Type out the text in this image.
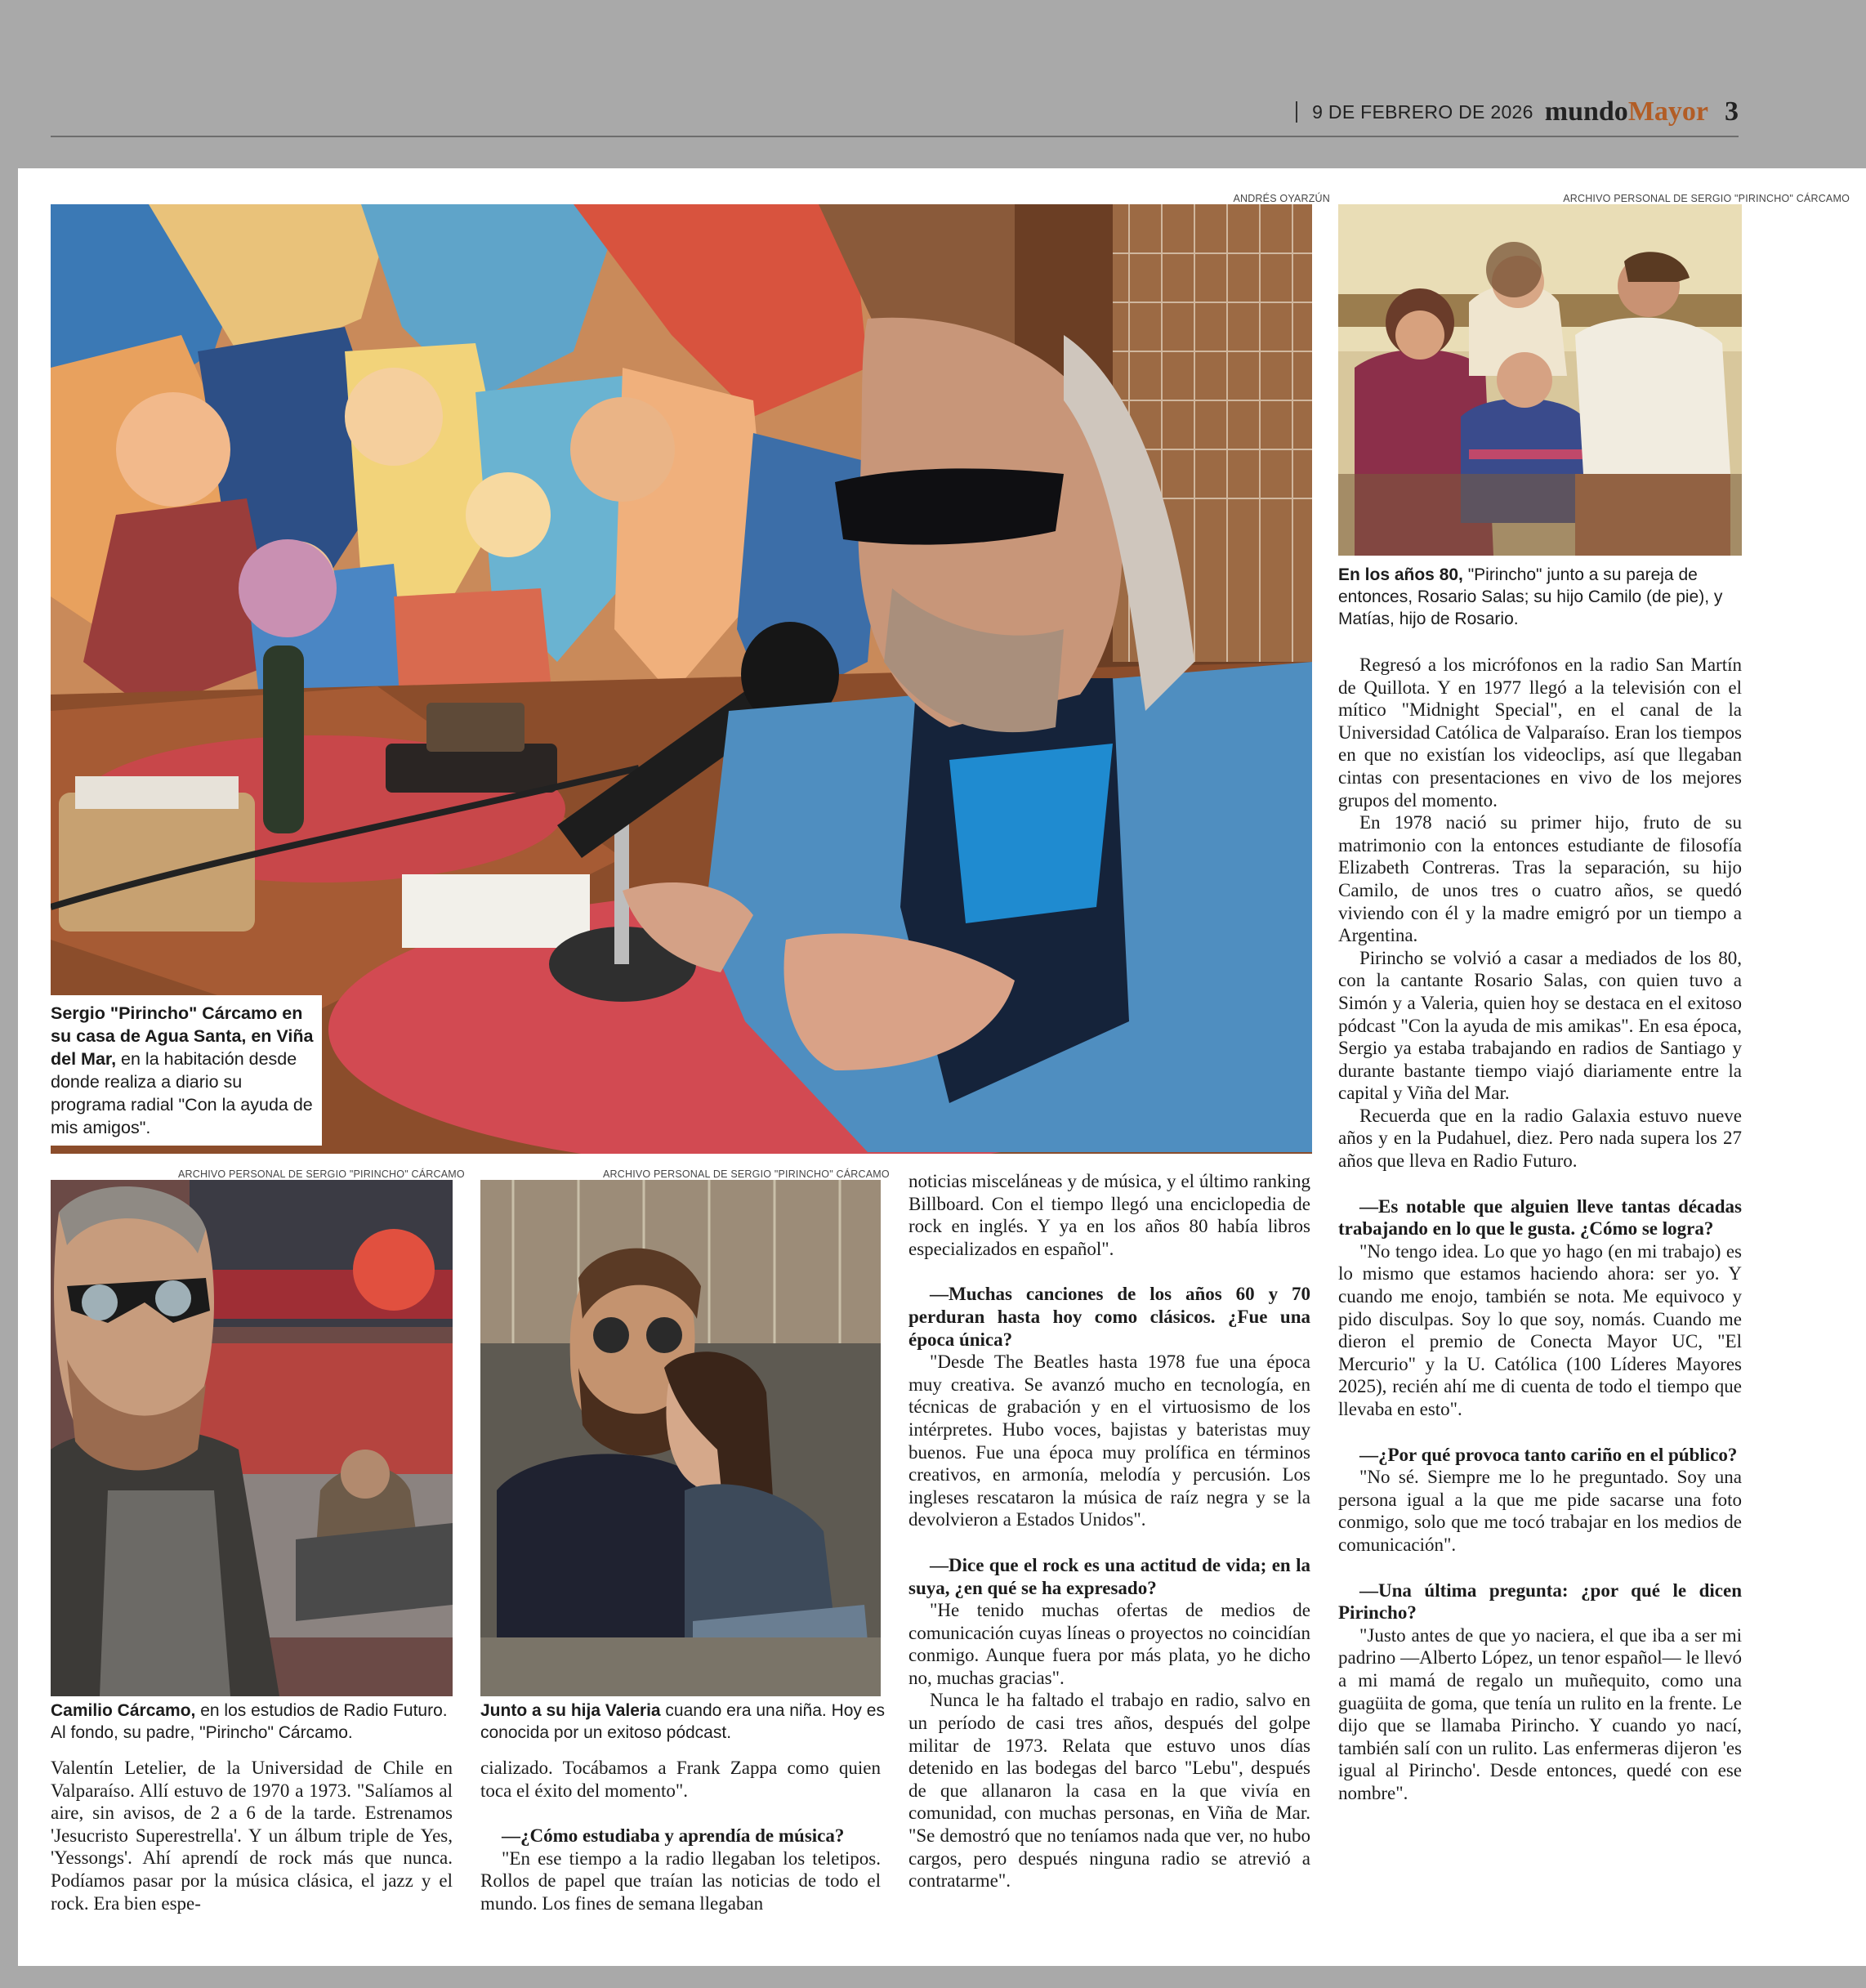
9 DE FEBRERO DE 2026 mundoMayor 3
ANDRÉS OYARZÚN
Sergio "Pirincho" Cárcamo en su casa de Agua Santa, en Viña del Mar, en la habitación desde donde realiza a diario su programa radial "Con la ayuda de mis amigos".
ARCHIVO PERSONAL DE SERGIO "PIRINCHO" CÁRCAMO
En los años 80, "Pirincho" junto a su pareja de entonces, Rosario Salas; su hijo Camilo (de pie), y Matías, hijo de Rosario.
ARCHIVO PERSONAL DE SERGIO "PIRINCHO" CÁRCAMO
Camilio Cárcamo, en los estudios de Radio Futuro. Al fondo, su padre, "Pirincho" Cárcamo.
ARCHIVO PERSONAL DE SERGIO "PIRINCHO" CÁRCAMO
Junto a su hija Valeria cuando era una niña. Hoy es conocida por un exitoso pódcast.

Valentín Letelier, de la Universidad de Chile en Valparaíso. Allí estuvo de 1970 a 1973. "Salíamos al aire, sin avisos, de 2 a 6 de la tarde. Estrenamos 'Jesucristo Superestrella'. Y un álbum triple de Yes, 'Yessongs'. Ahí aprendí de rock más que nunca. Podíamos pasar por la música clásica, el jazz y el rock. Era bien espe-

cializado. Tocábamos a Frank Zappa como quien toca el éxito del momento".

—¿Cómo estudiaba y aprendía de música?

"En ese tiempo a la radio llegaban los teletipos. Rollos de papel que traían las noticias de todo el mundo. Los fines de semana llegaban

noticias misceláneas y de música, y el último ranking Billboard. Con el tiempo llegó una enciclopedia de rock en inglés. Y ya en los años 80 había libros especializados en español".

—Muchas canciones de los años 60 y 70 perduran hasta hoy como clásicos. ¿Fue una época única?

"Desde The Beatles hasta 1978 fue una época muy creativa. Se avanzó mucho en tecnología, en técnicas de grabación y en el virtuosismo de los intérpretes. Hubo voces, bajistas y bateristas muy buenos. Fue una época muy prolífica en términos creativos, en armonía, melodía y percusión. Los ingleses rescataron la música de raíz negra y se la devolvieron a Estados Unidos".

—Dice que el rock es una actitud de vida; en la suya, ¿en qué se ha expresado?

"He tenido muchas ofertas de medios de comunicación cuyas líneas o proyectos no coincidían conmigo. Aunque fuera por más plata, yo he dicho no, muchas gracias".

Nunca le ha faltado el trabajo en radio, salvo en un período de casi tres años, después del golpe militar de 1973. Relata que estuvo unos días detenido en las bodegas del barco "Lebu", después de que allanaron la casa en la que vivía en comunidad, con muchas personas, en Viña de Mar. "Se demostró que no teníamos nada que ver, no hubo cargos, pero después ninguna radio se atrevió a contratarme".

Regresó a los micrófonos en la radio San Martín de Quillota. Y en 1977 llegó a la televisión con el mítico "Midnight Special", en el canal de la Universidad Católica de Valparaíso. Eran los tiempos en que no existían los videoclips, así que llegaban cintas con presentaciones en vivo de los mejores grupos del momento.

En 1978 nació su primer hijo, fruto de su matrimonio con la entonces estudiante de filosofía Elizabeth Contreras. Tras la separación, su hijo Camilo, de unos tres o cuatro años, se quedó viviendo con él y la madre emigró por un tiempo a Argentina.

Pirincho se volvió a casar a mediados de los 80, con la cantante Rosario Salas, con quien tuvo a Simón y a Valeria, quien hoy se destaca en el exitoso pódcast "Con la ayuda de mis amikas". En esa época, Sergio ya estaba trabajando en radios de Santiago y durante bastante tiempo viajó diariamente entre la capital y Viña del Mar.

Recuerda que en la radio Galaxia estuvo nueve años y en la Pudahuel, diez. Pero nada supera los 27 años que lleva en Radio Futuro.

—Es notable que alguien lleve tantas décadas trabajando en lo que le gusta. ¿Cómo se logra?

"No tengo idea. Lo que yo hago (en mi trabajo) es lo mismo que estamos haciendo ahora: ser yo. Y cuando me enojo, también se nota. Me equivoco y pido disculpas. Soy lo que soy, nomás. Cuando me dieron el premio de Conecta Mayor UC, "El Mercurio" y la U. Católica (100 Líderes Mayores 2025), recién ahí me di cuenta de todo el tiempo que llevaba en esto".

—¿Por qué provoca tanto cariño en el público?

"No sé. Siempre me lo he preguntado. Soy una persona igual a la que me pide sacarse una foto conmigo, solo que me tocó trabajar en los medios de comunicación".

—Una última pregunta: ¿por qué le dicen Pirincho?

"Justo antes de que yo naciera, el que iba a ser mi padrino —Alberto López, un tenor español— le llevó a mi mamá de regalo un muñequito, como una guagüita de goma, que tenía un rulito en la frente. Le dijo que se llamaba Pirincho. Y cuando yo nací, también salí con un rulito. Las enfermeras dijeron 'es igual al Pirincho'. Desde entonces, quedé con ese nombre".
